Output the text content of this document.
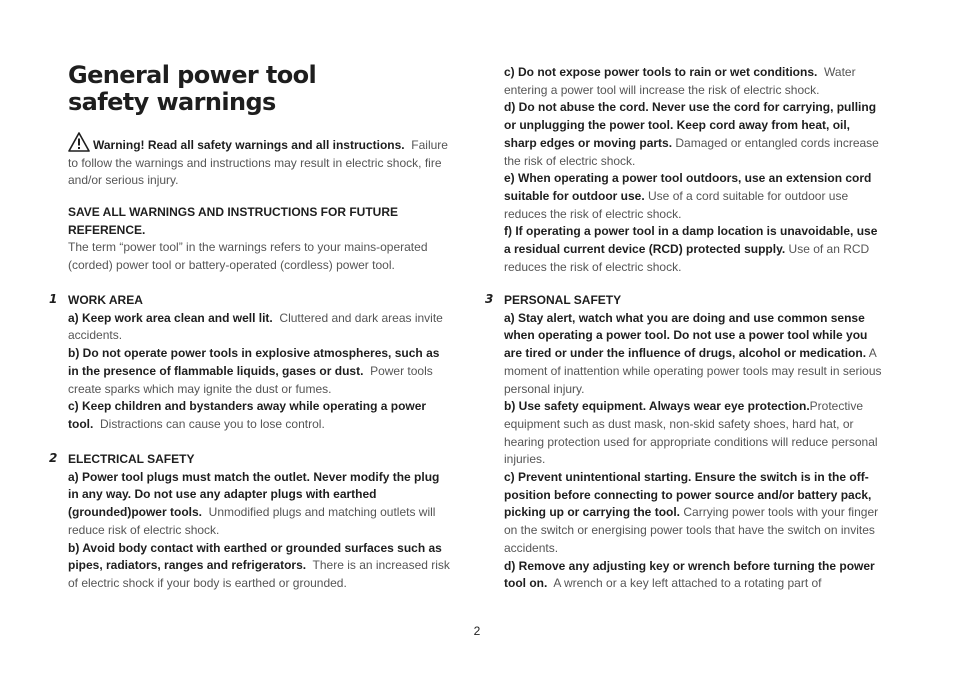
General power tool safety warnings

Warning! Read all safety warnings and all instructions. Failure to follow the warnings and instructions may result in electric shock, fire and/or serious injury.

SAVE ALL WARNINGS AND INSTRUCTIONS FOR FUTURE REFERENCE.

The term “power tool” in the warnings refers to your mains-operated (corded) power tool or battery-operated (cordless) power tool.

1 WORK AREA

a) Keep work area clean and well lit. Cluttered and dark areas invite accidents.

b) Do not operate power tools in explosive atmospheres, such as in the presence of flammable liquids, gases or dust. Power tools create sparks which may ignite the dust or fumes.

c) Keep children and bystanders away while operating a power tool. Distractions can cause you to lose control.

2 ELECTRICAL SAFETY

a) Power tool plugs must match the outlet. Never modify the plug in any way. Do not use any adapter plugs with earthed (grounded)power tools. Unmodified plugs and matching outlets will reduce risk of electric shock.

b) Avoid body contact with earthed or grounded surfaces such as pipes, radiators, ranges and refrigerators. There is an increased risk of electric shock if your body is earthed or grounded.

c) Do not expose power tools to rain or wet conditions. Water entering a power tool will increase the risk of electric shock.

d) Do not abuse the cord. Never use the cord for carrying, pulling or unplugging the power tool. Keep cord away from heat, oil, sharp edges or moving parts. Damaged or entangled cords increase the risk of electric shock.

e) When operating a power tool outdoors, use an extension cord suitable for outdoor use. Use of a cord suitable for outdoor use reduces the risk of electric shock.

f) If operating a power tool in a damp location is unavoidable, use a residual current device (RCD) protected supply. Use of an RCD reduces the risk of electric shock.

3 PERSONAL SAFETY

a) Stay alert, watch what you are doing and use common sense when operating a power tool. Do not use a power tool while you are tired or under the influence of drugs, alcohol or medication. A moment of inattention while operating power tools may result in serious personal injury.

b) Use safety equipment. Always wear eye protection.Protective equipment such as dust mask, non-skid safety shoes, hard hat, or hearing protection used for appropriate conditions will reduce personal injuries.

c) Prevent unintentional starting. Ensure the switch is in the off-position before connecting to power source and/or battery pack, picking up or carrying the tool. Carrying power tools with your finger on the switch or energising power tools that have the switch on invites accidents.

d) Remove any adjusting key or wrench before turning the power tool on. A wrench or a key left attached to a rotating part of

2
